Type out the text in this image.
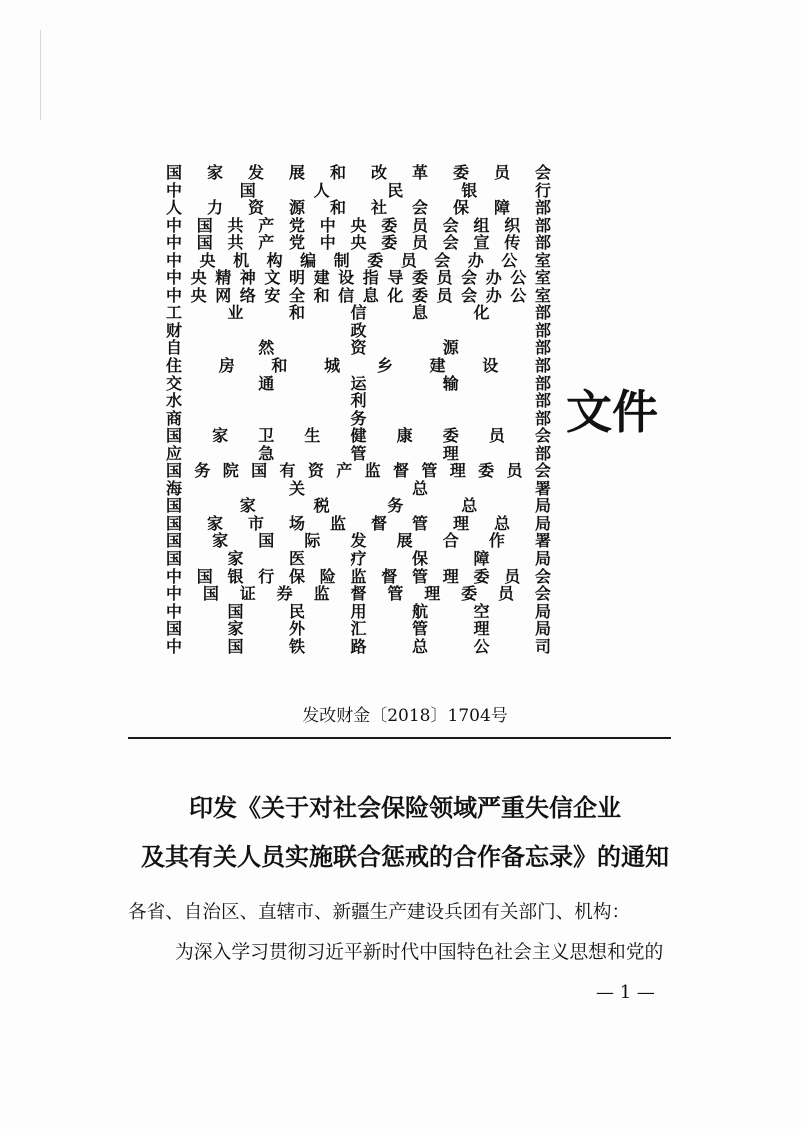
国 家 发 展 和 改 革 委 员 会
中	国	人	民	银	行
人 力 资 源 和 社 会 保 障 部
中 国 共 产 党 中 央 委 员 会 组 织 部
中 国 共 产 党 中 央 委 员 会 宣 传 部
中 央 机 构 编 制 委 员 会 办 公 室
中 央 精 神 文 明 建 设 指 导 委 员 会 办 公 室
中 央 网 络 安 全 和 信 息 化 委 员 会 办 公 室
工	业	和	信	息	化	部
财	政	部
自	然	资	源	部
住 房 和 城 乡 建 设 部
交	通	运	输	部
水	利	部
商	务	部
国 家 卫 生 健 康 委 员 会
应	急	管	理	部
国 务 院 国 有 资 产 监 督 管 理 委 员 会
海	关	总	署
国	家	税	务	总	局
国 家 市 场 监 督 管 理 总 局
国 家 国 际 发 展 合 作 署
国	家	医	疗	保	障	局
中 国 银 行 保 险 监 督 管 理 委 员 会
中 国 证 券 监 督 管 理 委 员 会
中	国	民	用	航	空	局
国	家	外	汇	管	理	局
中	国	铁	路	总	公	司
文件
发改财金〔2018〕1704号
印发《关于对社会保险领域严重失信企业
及其有关人员实施联合惩戒的合作备忘录》的通知
各省、自治区、直辖市、新疆生产建设兵团有关部门、机构：
为深入学习贯彻习近平新时代中国特色社会主义思想和党的
— 1 —
